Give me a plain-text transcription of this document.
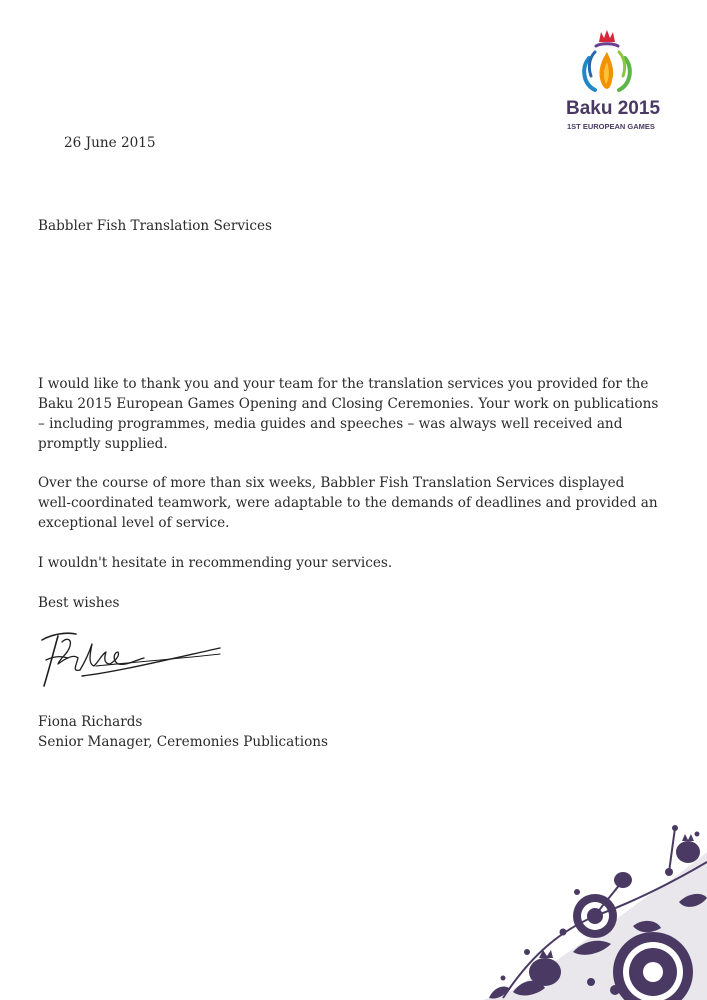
Baku 2015
1ST EUROPEAN GAMES
26 June 2015
Babbler Fish Translation Services
I would like to thank you and your team for the translation services you provided for the
Baku 2015 European Games Opening and Closing Ceremonies. Your work on publications
– including programmes, media guides and speeches – was always well received and
promptly supplied.
Over the course of more than six weeks, Babbler Fish Translation Services displayed
well-coordinated teamwork, were adaptable to the demands of deadlines and provided an
exceptional level of service.
I wouldn't hesitate in recommending your services.
Best wishes
Fiona Richards
Senior Manager, Ceremonies Publications
